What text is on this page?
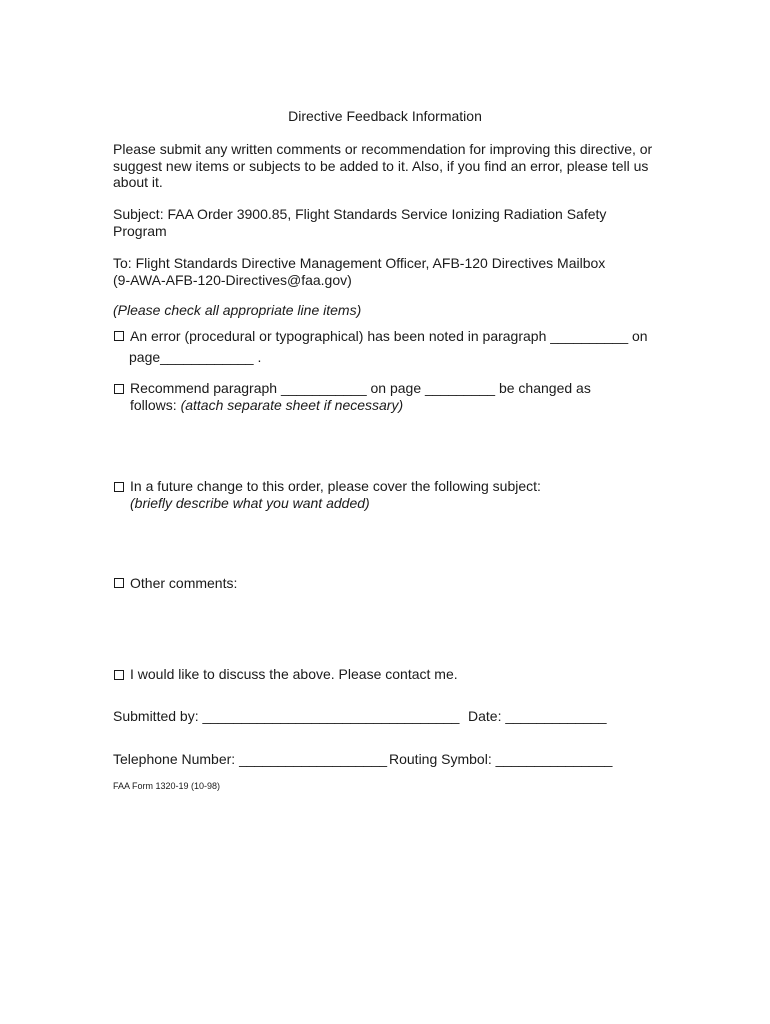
Directive Feedback Information
Please submit any written comments or recommendation for improving this directive, or
suggest new items or subjects to be added to it. Also, if you find an error, please tell us
about it.
Subject: FAA Order 3900.85, Flight Standards Service Ionizing Radiation Safety
Program
To: Flight Standards Directive Management Officer, AFB-120 Directives Mailbox
(9-AWA-AFB-120-Directives@faa.gov)
(Please check all appropriate line items)
An error (procedural or typographical) has been noted in paragraph __________ on
page____________ .
Recommend paragraph ___________ on page _________ be changed as
follows: (attach separate sheet if necessary)
In a future change to this order, please cover the following subject:
(briefly describe what you want added)
Other comments:
I would like to discuss the above. Please contact me.
Submitted by: _________________________________ Date: _____________
Telephone Number: ___________________ Routing Symbol: _______________
FAA Form 1320-19 (10-98)
